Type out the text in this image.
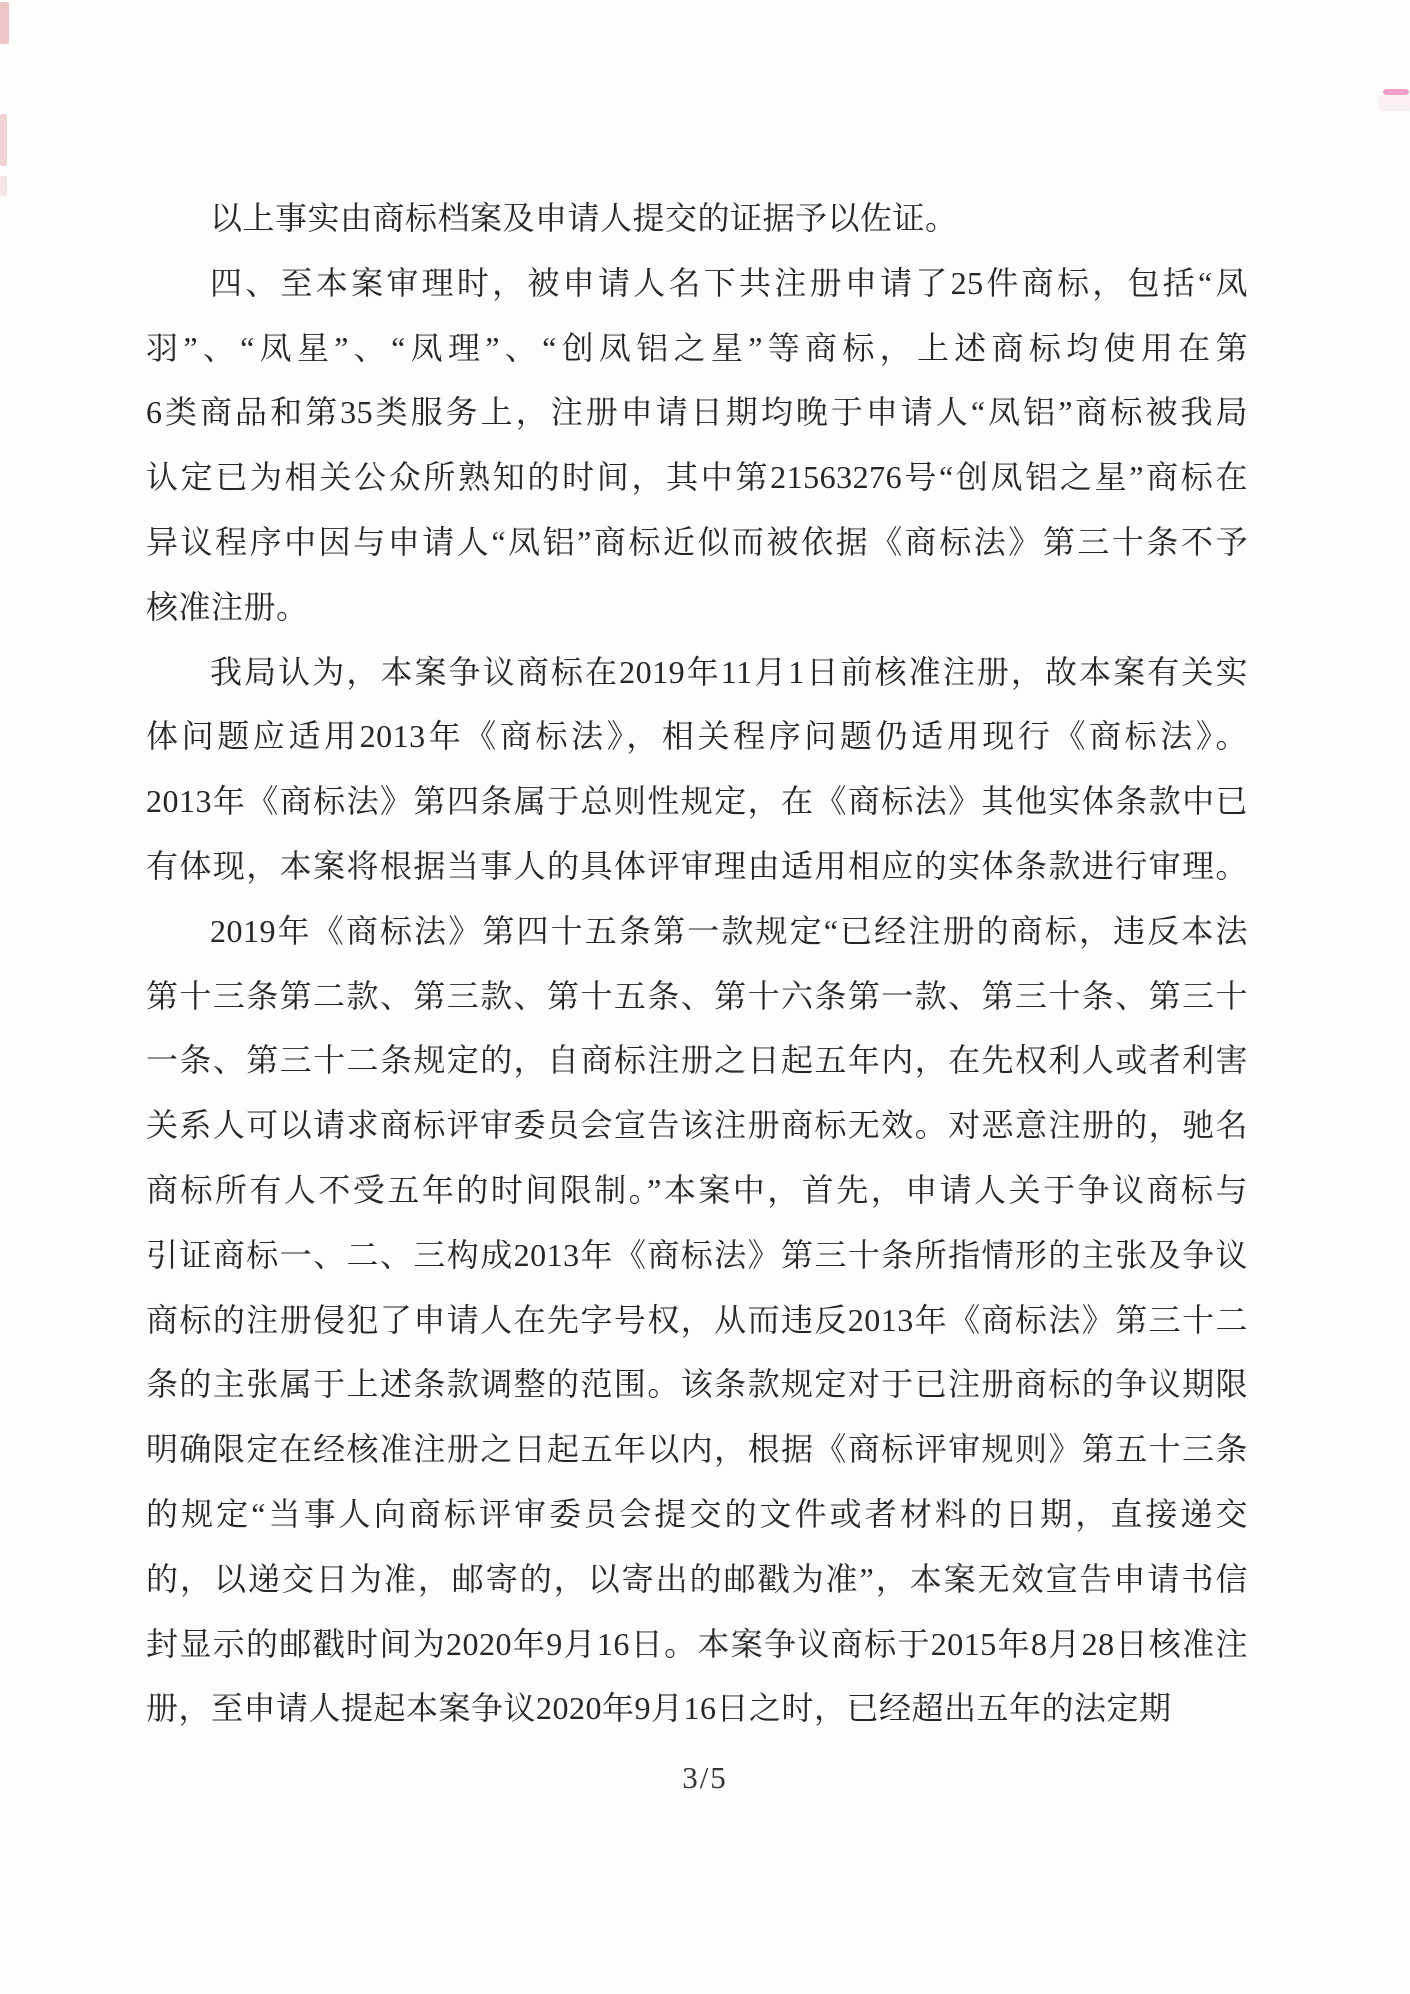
以上事实由商标档案及申请人提交的证据予以佐证。
四、至本案审理时，被申请人名下共注册申请了25件商标，包括“凤
羽”、“凤星”、“凤理”、“创凤铝之星”等商标，上述商标均使用在第
6类商品和第35类服务上，注册申请日期均晚于申请人“凤铝”商标被我局
认定已为相关公众所熟知的时间，其中第21563276号“创凤铝之星”商标在
异议程序中因与申请人“凤铝”商标近似而被依据《商标法》第三十条不予
核准注册。
我局认为，本案争议商标在2019年11月1日前核准注册，故本案有关实
体问题应适用2013年《商标法》，相关程序问题仍适用现行《商标法》。
2013年《商标法》第四条属于总则性规定，在《商标法》其他实体条款中已
有体现，本案将根据当事人的具体评审理由适用相应的实体条款进行审理。
2019年《商标法》第四十五条第一款规定“已经注册的商标，违反本法
第十三条第二款、第三款、第十五条、第十六条第一款、第三十条、第三十
一条、第三十二条规定的，自商标注册之日起五年内，在先权利人或者利害
关系人可以请求商标评审委员会宣告该注册商标无效。对恶意注册的，驰名
商标所有人不受五年的时间限制。”本案中，首先，申请人关于争议商标与
引证商标一、二、三构成2013年《商标法》第三十条所指情形的主张及争议
商标的注册侵犯了申请人在先字号权，从而违反2013年《商标法》第三十二
条的主张属于上述条款调整的范围。该条款规定对于已注册商标的争议期限
明确限定在经核准注册之日起五年以内，根据《商标评审规则》第五十三条
的规定“当事人向商标评审委员会提交的文件或者材料的日期，直接递交
的，以递交日为准，邮寄的，以寄出的邮戳为准”，本案无效宣告申请书信
封显示的邮戳时间为2020年9月16日。本案争议商标于2015年8月28日核准注
册，至申请人提起本案争议2020年9月16日之时，已经超出五年的法定期
3/5
